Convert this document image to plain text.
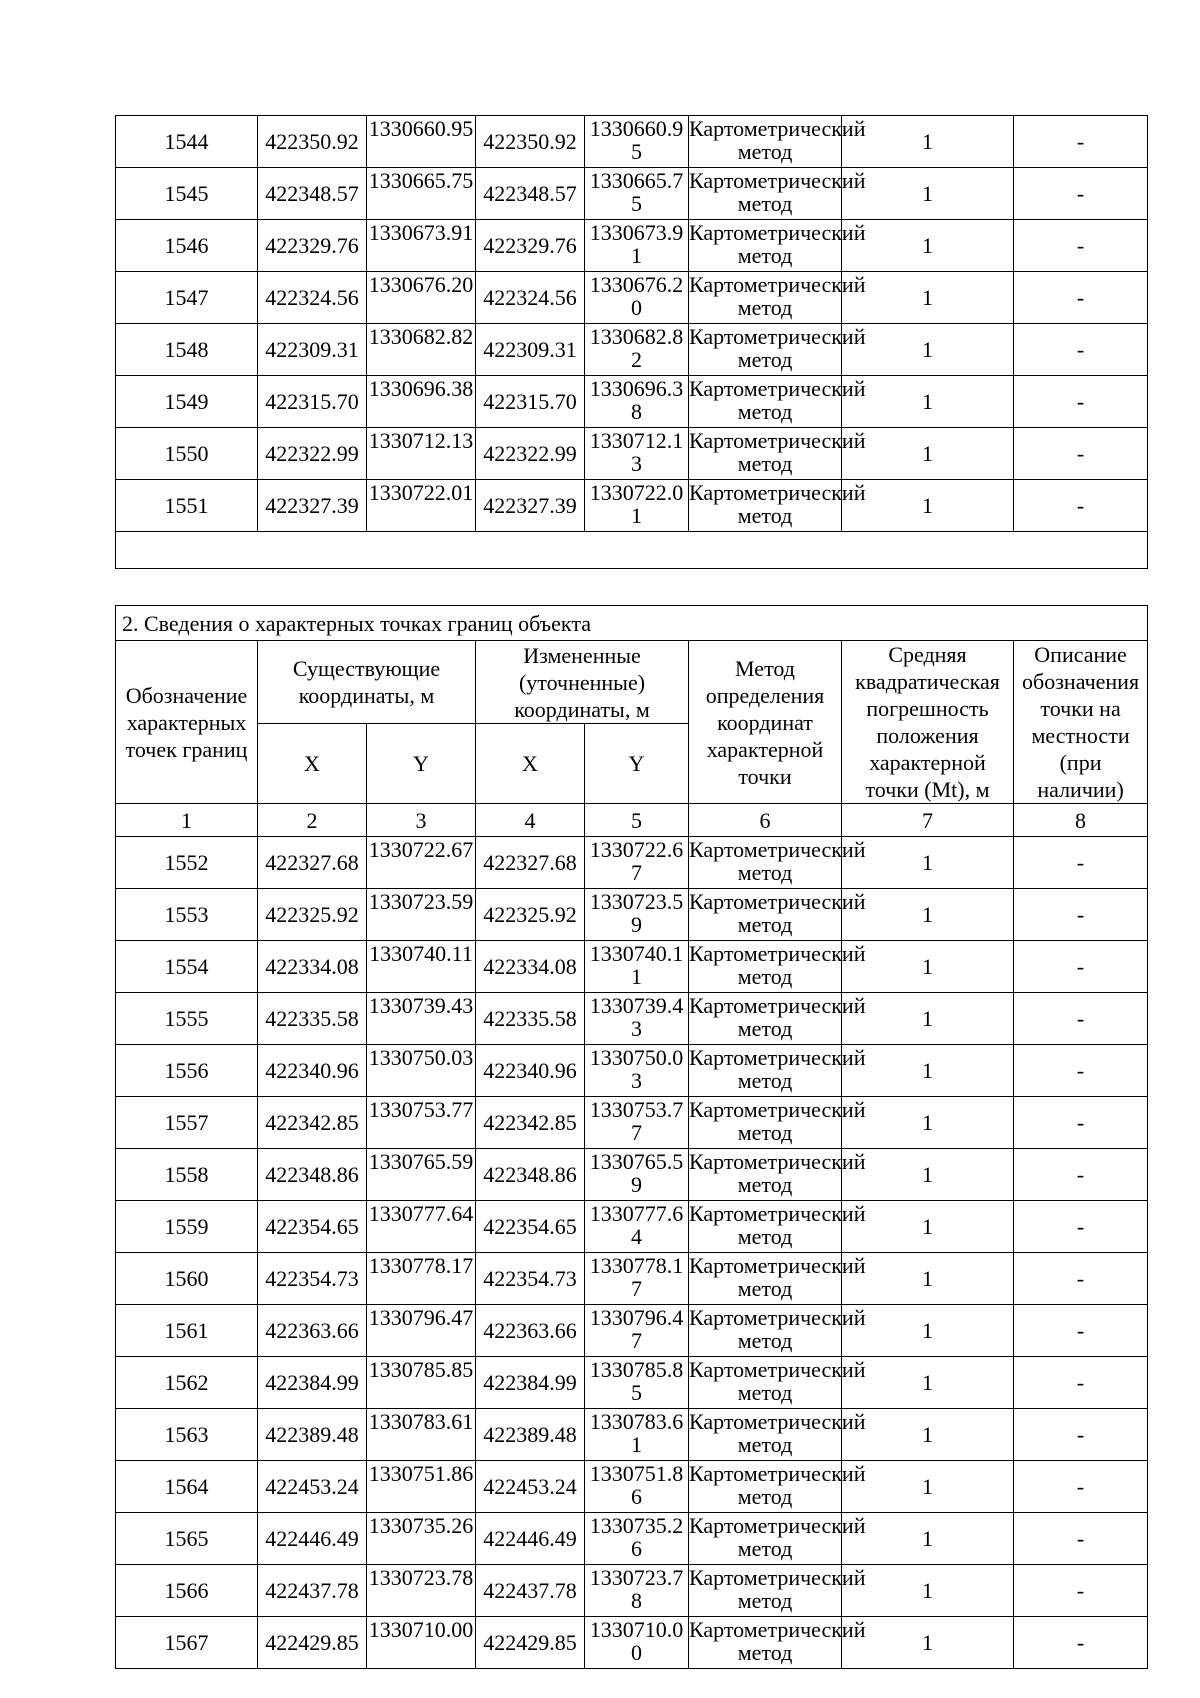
1544	422350.92	1330660.95	422350.92	1330660.95	Картометрический метод	1	-
1545	422348.57	1330665.75	422348.57	1330665.75	Картометрический метод	1	-
1546	422329.76	1330673.91	422329.76	1330673.91	Картометрический метод	1	-
1547	422324.56	1330676.20	422324.56	1330676.20	Картометрический метод	1	-
1548	422309.31	1330682.82	422309.31	1330682.82	Картометрический метод	1	-
1549	422315.70	1330696.38	422315.70	1330696.38	Картометрический метод	1	-
1550	422322.99	1330712.13	422322.99	1330712.13	Картометрический метод	1	-
1551	422327.39	1330722.01	422327.39	1330722.01	Картометрический метод	1	-

2. Сведения о характерных точках границ объекта							
Обозначение характерных точек границ	Существующие координаты, м		Измененные (уточненные) координаты, м		Метод определения координат характерной точки	Средняя квадратическая погрешность положения характерной точки (Mt), м	Описание обозначения точки на местности (при наличии)
	X	Y	X	Y			
1	2	3	4	5	6	7	8
1552	422327.68	1330722.67	422327.68	1330722.67	Картометрический метод	1	-
1553	422325.92	1330723.59	422325.92	1330723.59	Картометрический метод	1	-
1554	422334.08	1330740.11	422334.08	1330740.11	Картометрический метод	1	-
1555	422335.58	1330739.43	422335.58	1330739.43	Картометрический метод	1	-
1556	422340.96	1330750.03	422340.96	1330750.03	Картометрический метод	1	-
1557	422342.85	1330753.77	422342.85	1330753.77	Картометрический метод	1	-
1558	422348.86	1330765.59	422348.86	1330765.59	Картометрический метод	1	-
1559	422354.65	1330777.64	422354.65	1330777.64	Картометрический метод	1	-
1560	422354.73	1330778.17	422354.73	1330778.17	Картометрический метод	1	-
1561	422363.66	1330796.47	422363.66	1330796.47	Картометрический метод	1	-
1562	422384.99	1330785.85	422384.99	1330785.85	Картометрический метод	1	-
1563	422389.48	1330783.61	422389.48	1330783.61	Картометрический метод	1	-
1564	422453.24	1330751.86	422453.24	1330751.86	Картометрический метод	1	-
1565	422446.49	1330735.26	422446.49	1330735.26	Картометрический метод	1	-
1566	422437.78	1330723.78	422437.78	1330723.78	Картометрический метод	1	-
1567	422429.85	1330710.00	422429.85	1330710.00	Картометрический метод	1	-
